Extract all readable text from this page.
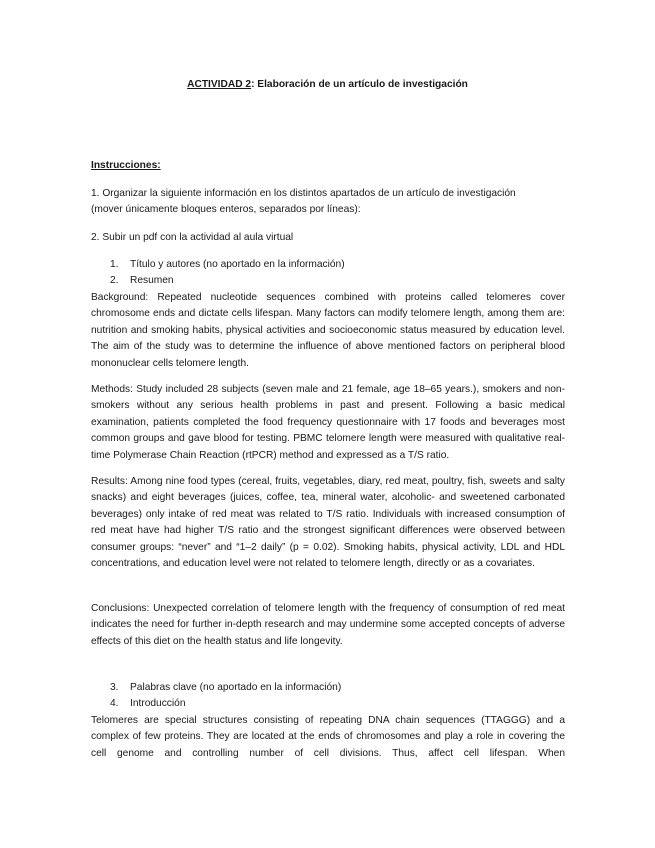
ACTIVIDAD 2: Elaboración de un artículo de investigación
Instrucciones:
1. Organizar la siguiente información en los distintos apartados de un artículo de investigación
(mover únicamente bloques enteros, separados por líneas):
2. Subir un pdf con la actividad al aula virtual
1. Título y autores (no aportado en la información)
2. Resumen

Background: Repeated nucleotide sequences combined with proteins called telomeres cover chromosome ends and dictate cells lifespan. Many factors can modify telomere length, among them are: nutrition and smoking habits, physical activities and socioeconomic status measured by education level. The aim of the study was to determine the influence of above mentioned factors on peripheral blood mononuclear cells telomere length.

Methods: Study included 28 subjects (seven male and 21 female, age 18–65 years.), smokers and non-smokers without any serious health problems in past and present. Following a basic medical examination, patients completed the food frequency questionnaire with 17 foods and beverages most common groups and gave blood for testing. PBMC telomere length were measured with qualitative real-time Polymerase Chain Reaction (rtPCR) method and expressed as a T/S ratio.

Results: Among nine food types (cereal, fruits, vegetables, diary, red meat, poultry, fish, sweets and salty snacks) and eight beverages (juices, coffee, tea, mineral water, alcoholic- and sweetened carbonated beverages) only intake of red meat was related to T/S ratio. Individuals with increased consumption of red meat have had higher T/S ratio and the strongest significant differences were observed between consumer groups: “never” and “1–2 daily” (p = 0.02). Smoking habits, physical activity, LDL and HDL concentrations, and education level were not related to telomere length, directly or as a covariates.

Conclusions: Unexpected correlation of telomere length with the frequency of consumption of red meat indicates the need for further in-depth research and may undermine some accepted concepts of adverse effects of this diet on the health status and life longevity.

3. Palabras clave (no aportado en la información)
4. Introducción

Telomeres are special structures consisting of repeating DNA chain sequences (TTAGGG) and a complex of few proteins. They are located at the ends of chromosomes and play a role in covering the cell genome and controlling number of cell divisions. Thus, affect cell lifespan. When
